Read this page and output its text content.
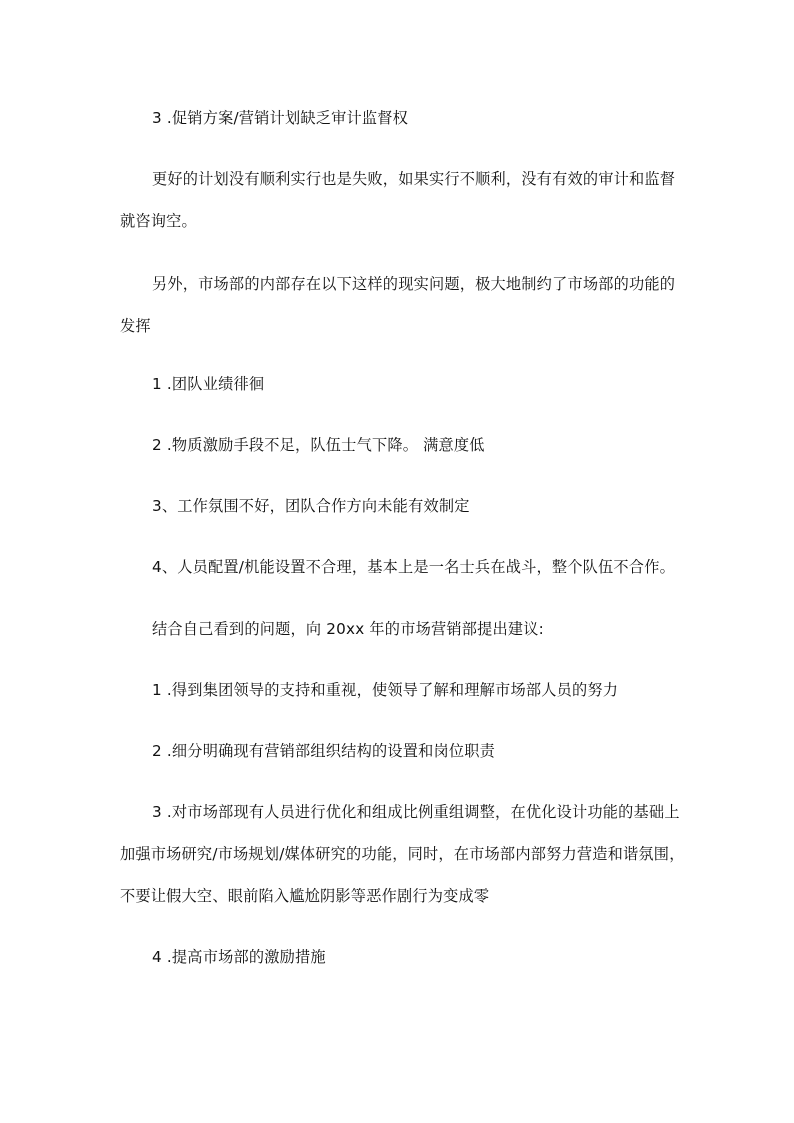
3 .促销方案/营销计划缺乏审计监督权

更好的计划没有顺利实行也是失败，如果实行不顺利，没有有效的审计和监督就咨询空。

另外，市场部的内部存在以下这样的现实问题，极大地制约了市场部的功能的发挥

1 .团队业绩徘徊

2 .物质激励手段不足，队伍士气下降。 满意度低

3、工作氛围不好，团队合作方向未能有效制定

4、人员配置/机能设置不合理，基本上是一名士兵在战斗，整个队伍不合作。

结合自己看到的问题，向 20xx 年的市场营销部提出建议:

1 .得到集团领导的支持和重视，使领导了解和理解市场部人员的努力

2 .细分明确现有营销部组织结构的设置和岗位职责

3 .对市场部现有人员进行优化和组成比例重组调整，在优化设计功能的基础上加强市场研究/市场规划/媒体研究的功能，同时，在市场部内部努力营造和谐氛围，不要让假大空、眼前陷入尴尬阴影等恶作剧行为变成零

4 .提高市场部的激励措施
